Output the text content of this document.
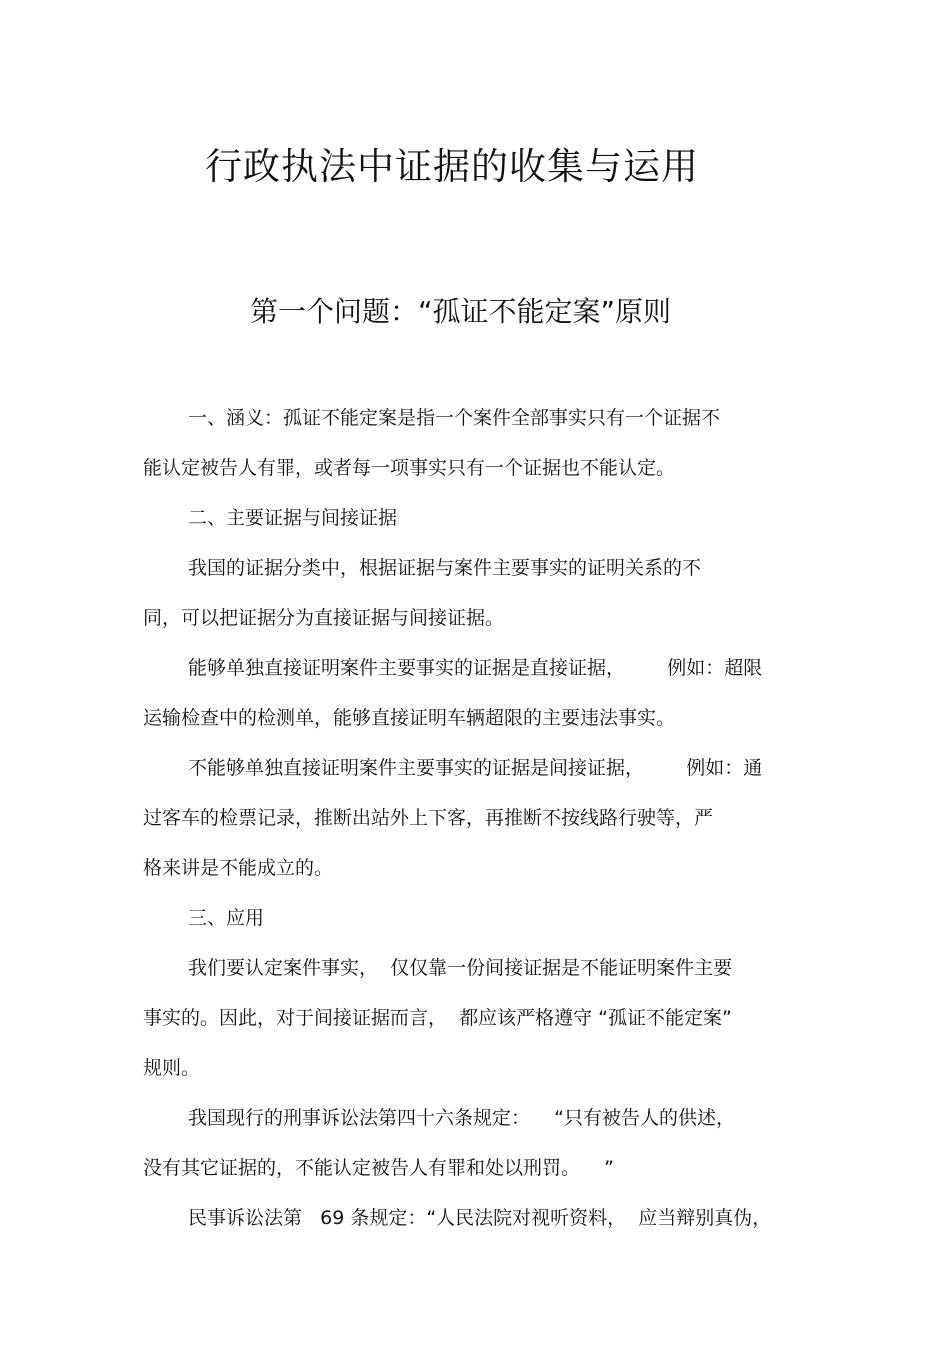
行政执法中证据的收集与运用
第一个问题：“孤证不能定案”原则
一、涵义：孤证不能定案是指一个案件全部事实只有一个证据不
能认定被告人有罪，或者每一项事实只有一个证据也不能认定。
二、主要证据与间接证据
我国的证据分类中，根据证据与案件主要事实的证明关系的不
同，可以把证据分为直接证据与间接证据。
能够单独直接证明案件主要事实的证据是直接证据，       例如：超限
运输检查中的检测单，能够直接证明车辆超限的主要违法事实。
不能够单独直接证明案件主要事实的证据是间接证据，       例如：通
过客车的检票记录，推断出站外上下客，再推断不按线路行驶等，严
格来讲是不能成立的。
三、应用
我们要认定案件事实，  仅仅靠一份间接证据是不能证明案件主要
事实的。因此，对于间接证据而言，  都应该严格遵守 “孤证不能定案”
规则。
我国现行的刑事诉讼法第四十六条规定：    “只有被告人的供述，
没有其它证据的，不能认定被告人有罪和处以刑罚。    ”
民事诉讼法第   69 条规定：“人民法院对视听资料，  应当辩别真伪，
